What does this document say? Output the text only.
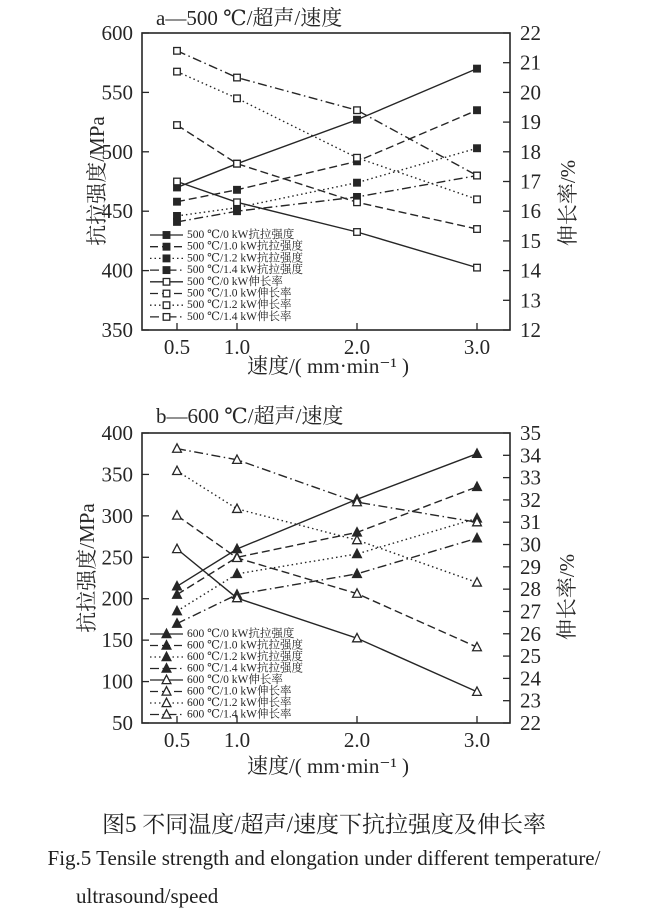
350
400
450
500
550
600
12
13
14
15
16
17
18
19
20
21
22
0.5 1.0	2.0	3.0
500 ℃/0 kW抗拉强度
500 ℃/1.0 kW抗拉强度
500 ℃/1.2 kW抗拉强度
500 ℃/1.4 kW抗拉强度
500 ℃/0 kW伸长率
500 ℃/1.0 kW伸长率
500 ℃/1.2 kW伸长率
500 ℃/1.4 kW伸长率
50
100
150
200
250
300
350
400
22
23
24
25
26
27
28
29
30
31
32
33
34
35
0.5 1.0	2.0	3.0
600 ℃/0 kW抗拉强度
600 ℃/1.0 kW抗拉强度
600 ℃/1.2 kW抗拉强度
600 ℃/1.4 kW抗拉强度
600 ℃/0 kW伸长率
600 ℃/1.0 kW伸长率
600 ℃/1.2 kW伸长率
600 ℃/1.4 kW伸长率
a—500 ℃/超声/速度
抗拉强度/MPa	伸长率/%
速度/( mm·min⁻¹ )
b—600 ℃/超声/速度
抗拉强度/MPa	伸长率/%
速度/( mm·min⁻¹ )
图5 不同温度/超声/速度下抗拉强度及伸长率
Fig.5 Tensile strength and elongation under different temperature/
ultrasound/speed
